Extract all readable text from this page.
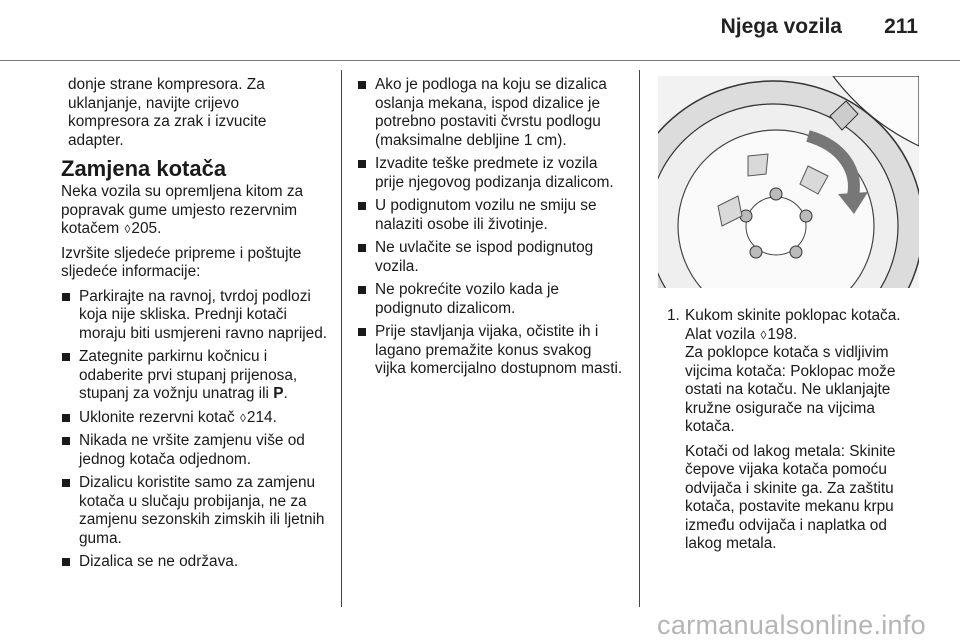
Njega vozila 211

donje strane kompresora. Za
uklanjanje, navijte crijevo
kompresora za zrak i izvucite
adapter.

Zamjena kotača

Neka vozila su opremljena kitom za popravak gume umjesto rezervnim kotačem ◊205.

Izvršite sljedeće pripreme i poštujte sljedeće informacije:

Parkirajte na ravnoj, tvrdoj podlozi koja nije skliska. Prednji kotači moraju biti usmjereni ravno naprijed.
Zategnite parkirnu kočnicu i odaberite prvi stupanj prijenosa, stupanj za vožnju unatrag ili P.
Uklonite rezervni kotač ◊214.
Nikada ne vršite zamjenu više od jednog kotača odjednom.
Dizalicu koristite samo za zamjenu kotača u slučaju probijanja, ne za zamjenu sezonskih zimskih ili ljetnih guma.
Dizalica se ne održava.
Ako je podloga na koju se dizalica oslanja mekana, ispod dizalice je potrebno postaviti čvrstu podlogu (maksimalne debljine 1 cm).
Izvadite teške predmete iz vozila prije njegovog podizanja dizalicom.
U podignutom vozilu ne smiju se nalaziti osobe ili životinje.
Ne uvlačite se ispod podignutog vozila.
Ne pokrećite vozilo kada je podignuto dizalicom.
Prije stavljanja vijaka, očistite ih i lagano premažite konus svakog vijka komercijalno dostupnom masti.
1. Kukom skinite poklopac kotača. Alat vozila ◊198.

Za poklopce kotača s vidljivim vijcima kotača: Poklopac može ostati na kotaču. Ne uklanjajte kružne osigurače na vijcima kotača.

Kotači od lakog metala: Skinite čepove vijaka kotača pomoću odvijača i skinite ga. Za zaštitu kotača, postavite mekanu krpu između odvijača i naplatka od lakog metala.

carmanualsonline.info
